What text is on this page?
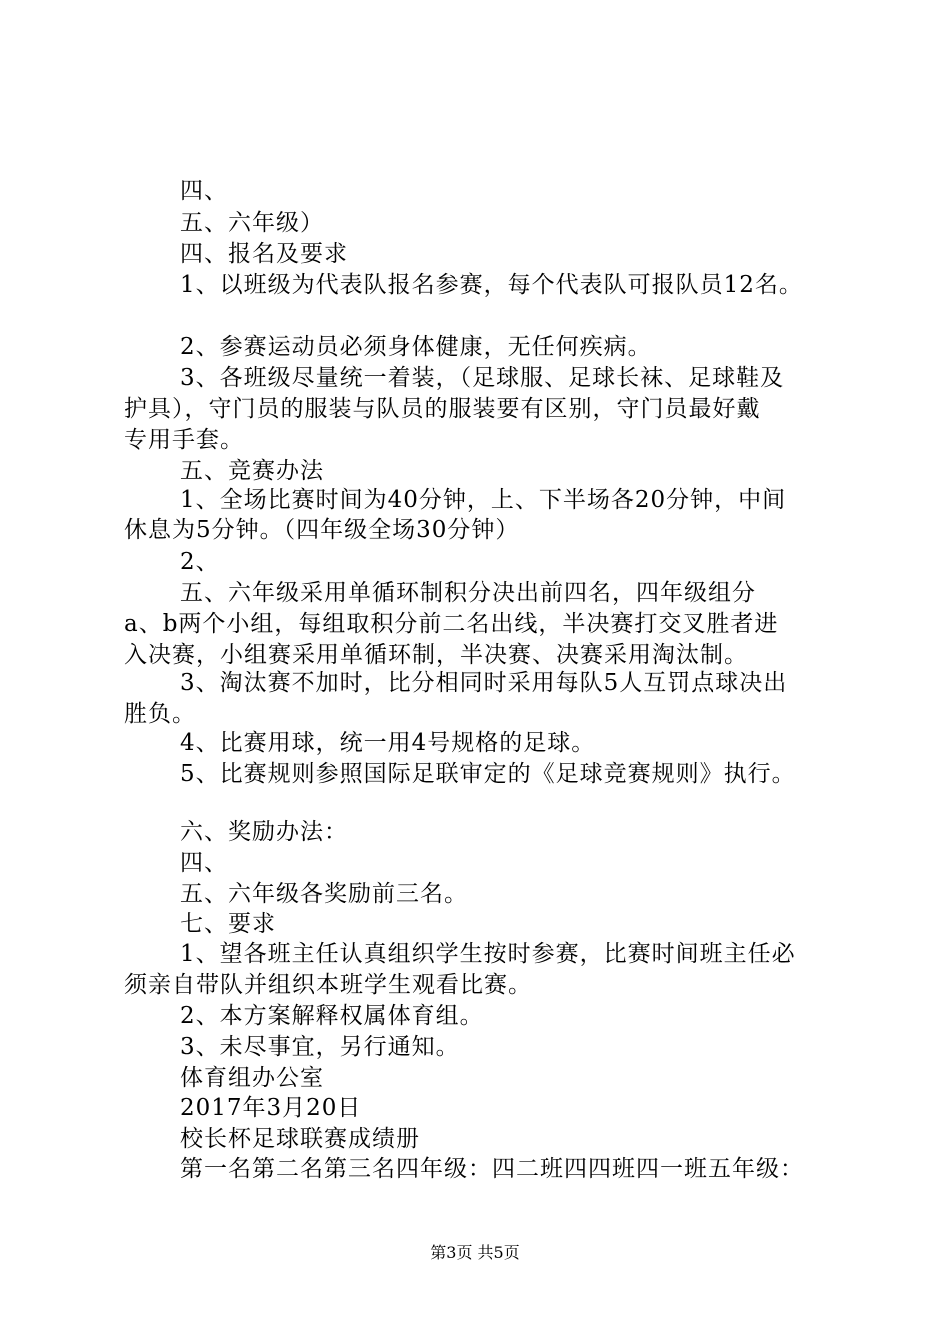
四、
五、六年级）
四、报名及要求
1、以班级为代表队报名参赛，每个代表队可报队员12名。
2、参赛运动员必须身体健康，无任何疾病。
3、各班级尽量统一着装，（足球服、足球长袜、足球鞋及
护具），守门员的服装与队员的服装要有区别，守门员最好戴
专用手套。
五、竞赛办法
1、全场比赛时间为40分钟，上、下半场各20分钟，中间
休息为5分钟。（四年级全场30分钟）
2、
五、六年级采用单循环制积分决出前四名，四年级组分
a、b两个小组，每组取积分前二名出线，半决赛打交叉胜者进
入决赛，小组赛采用单循环制，半决赛、决赛采用淘汰制。
3、淘汰赛不加时，比分相同时采用每队5人互罚点球决出
胜负。
4、比赛用球，统一用4号规格的足球。
5、比赛规则参照国际足联审定的《足球竞赛规则》执行。
六、奖励办法：
四、
五、六年级各奖励前三名。
七、要求
1、望各班主任认真组织学生按时参赛，比赛时间班主任必
须亲自带队并组织本班学生观看比赛。
2、本方案解释权属体育组。
3、未尽事宜，另行通知。
体育组办公室
2017年3月20日
校长杯足球联赛成绩册
第一名第二名第三名四年级：四二班四四班四一班五年级：
第3页 共5页
